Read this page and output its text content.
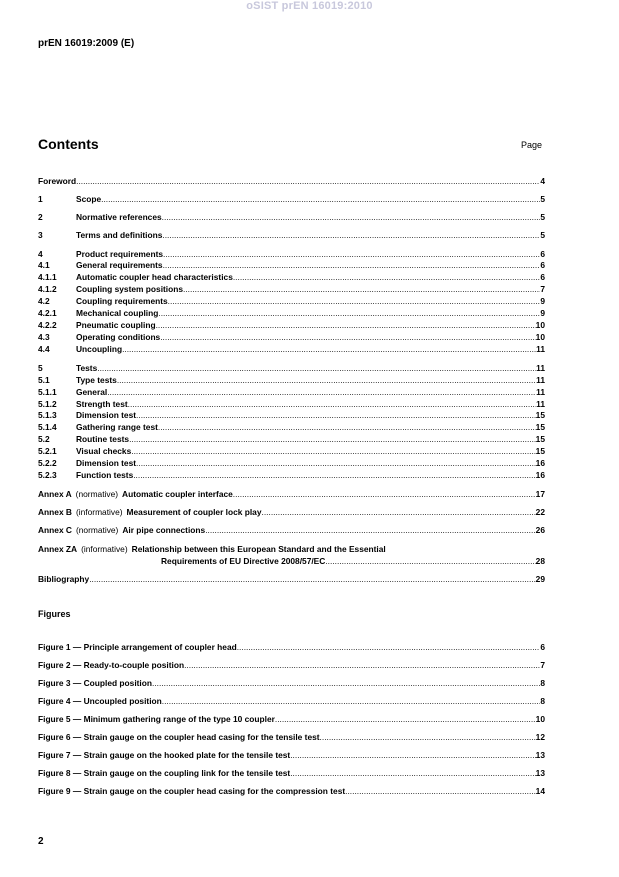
oSIST prEN 16019:2010
prEN 16019:2009 (E)
Contents	Page
Foreword .....	4
1	Scope .....	5
2	Normative references .....	5
3	Terms and definitions .....	5
4	Product requirements .....	6
4.1	General requirements .....	6
4.1.1	Automatic coupler head characteristics .....	6
4.1.2	Coupling system positions .....	7
4.2	Coupling requirements .....	9
4.2.1	Mechanical coupling .....	9
4.2.2	Pneumatic coupling .....	10
4.3	Operating conditions .....	10
4.4	Uncoupling .....	11
5	Tests .....	11
5.1	Type tests .....	11
5.1.1	General .....	11
5.1.2	Strength test .....	11
5.1.3	Dimension test .....	15
5.1.4	Gathering range test .....	15
5.2	Routine tests .....	15
5.2.1	Visual checks .....	15
5.2.2	Dimension test .....	16
5.2.3	Function tests .....	16
Annex A (normative) Automatic coupler interface .....	17
Annex B (informative) Measurement of coupler lock play .....	22
Annex C (normative) Air pipe connections .....	26
Annex ZA (informative) Relationship between this European Standard and the Essential
Requirements of EU Directive 2008/57/EC .....	28
Bibliography .....	29
Figures
Figure 1 — Principle arrangement of coupler head .....	6
Figure 2 — Ready-to-couple position .....	7
Figure 3 — Coupled position .....	8
Figure 4 — Uncoupled position .....	8
Figure 5 — Minimum gathering range of the type 10 coupler .....	10
Figure 6 — Strain gauge on the coupler head casing for the tensile test .....	12
Figure 7 — Strain gauge on the hooked plate for the tensile test .....	13
Figure 8 — Strain gauge on the coupling link for the tensile test .....	13
Figure 9 — Strain gauge on the coupler head casing for the compression test .....	14
2
